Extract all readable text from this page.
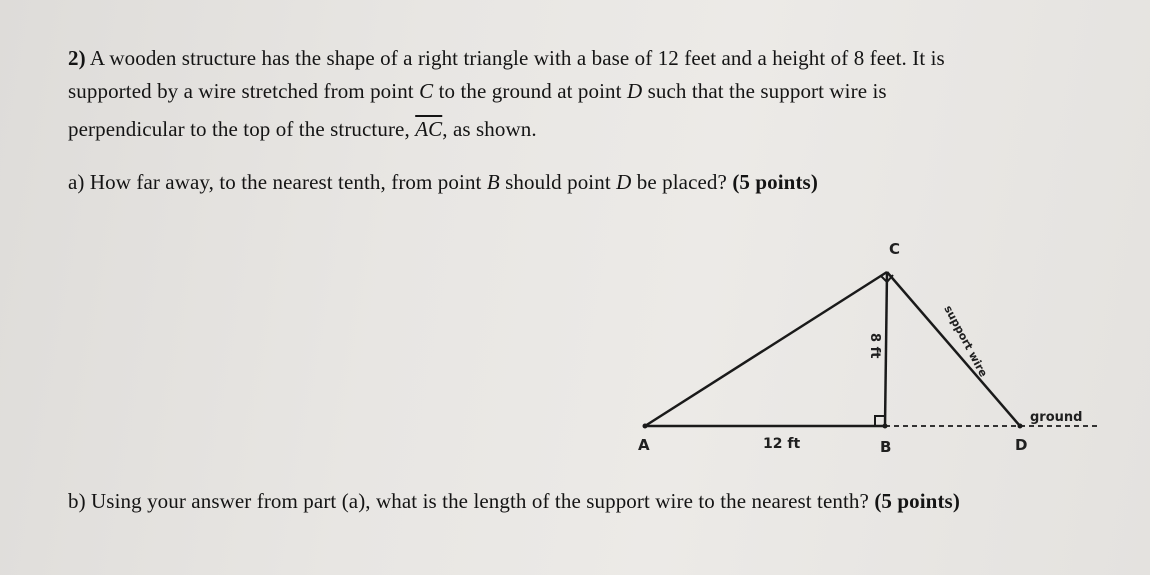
2) A wooden structure has the shape of a right triangle with a base of 12 feet and a height of 8 feet. It is
supported by a wire stretched from point C to the ground at point D such that the support wire is
perpendicular to the top of the structure, $\overline{AC}$, as shown.
a) How far away, to the nearest tenth, from point B should point D be placed? (5 points)
A	12 ft	B	D
C
8 ft	support wire
ground
b) Using your answer from part (a), what is the length of the support wire to the nearest tenth? (5 points)
